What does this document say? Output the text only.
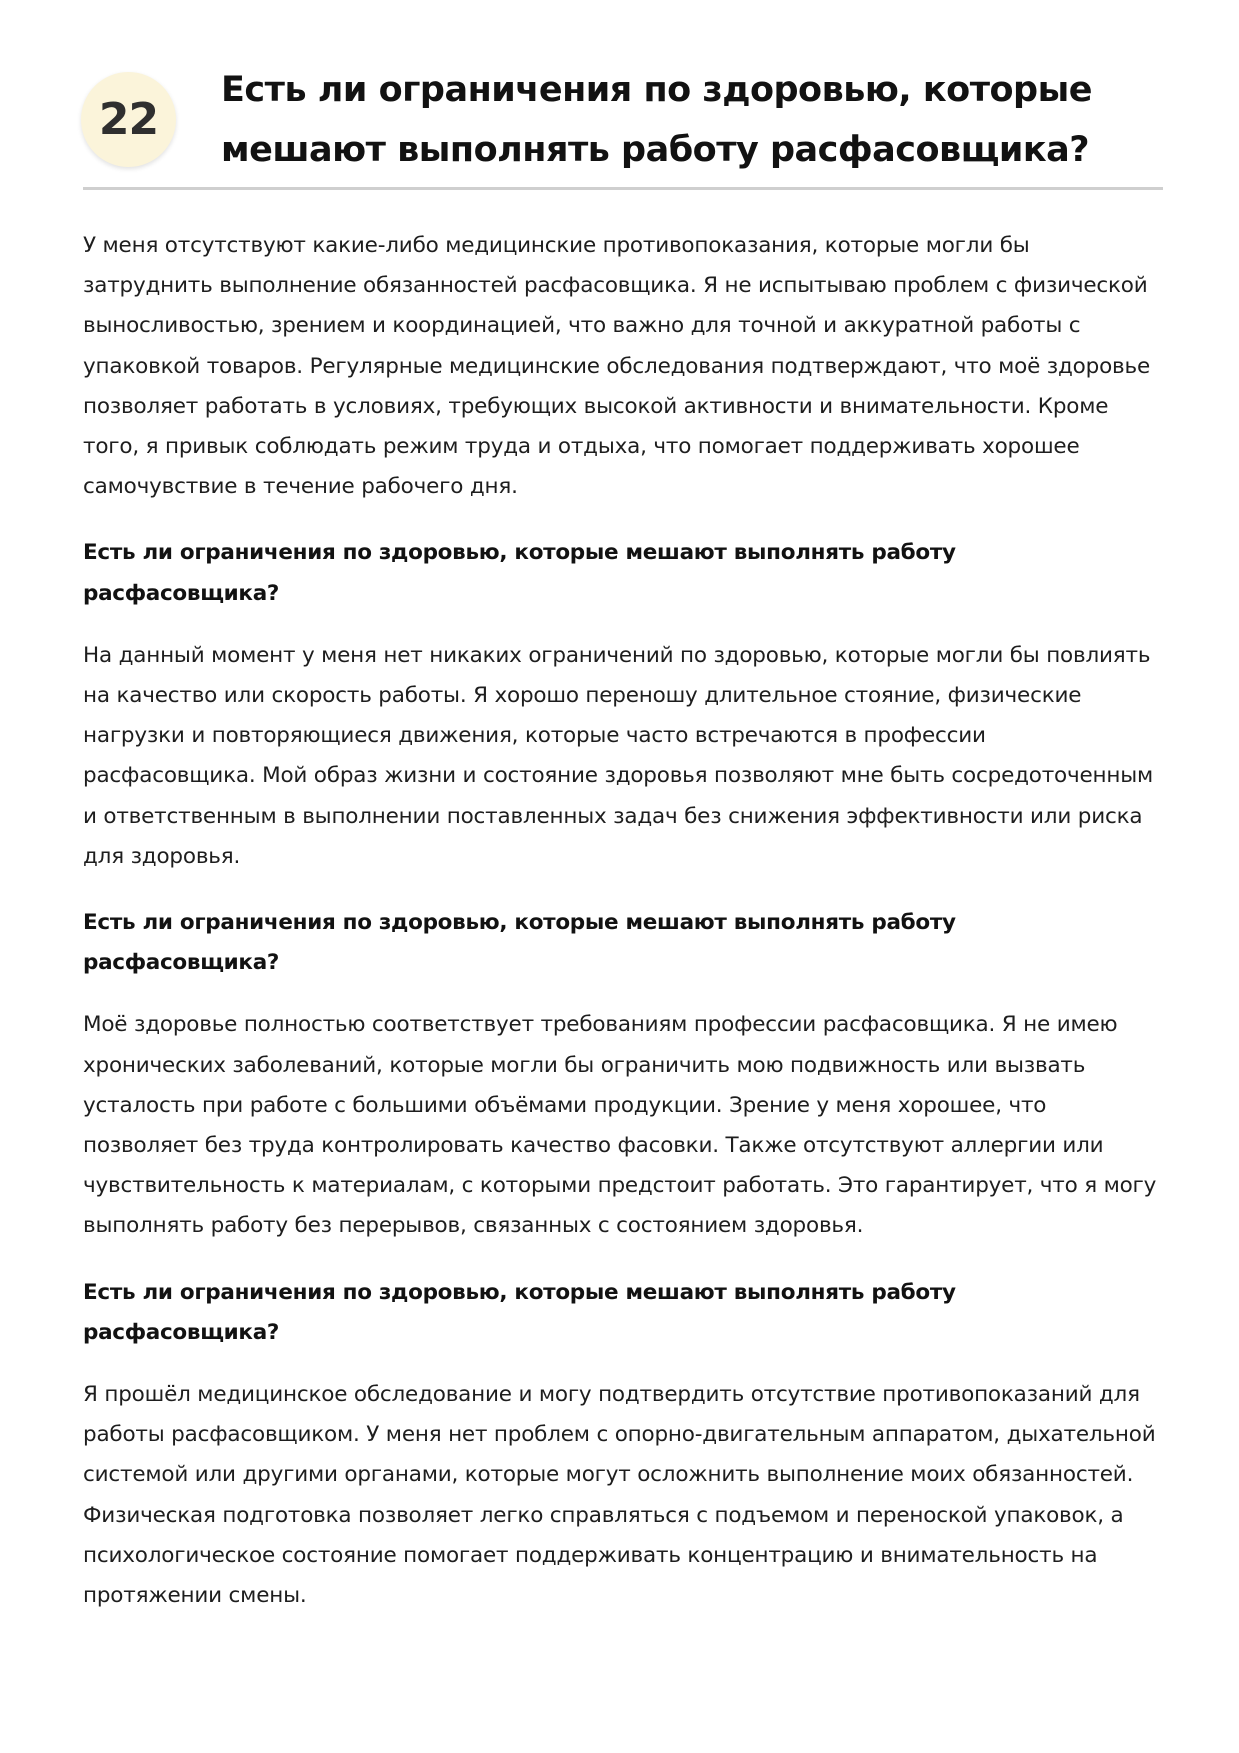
22
Есть ли ограничения по здоровью, которые мешают выполнять работу расфасовщика?

У меня отсутствуют какие-либо медицинские противопоказания, которые могли бы затруднить выполнение обязанностей расфасовщика. Я не испытываю проблем с физической выносливостью, зрением и координацией, что важно для точной и аккуратной работы с упаковкой товаров. Регулярные медицинские обследования подтверждают, что моё здоровье позволяет работать в условиях, требующих высокой активности и внимательности. Кроме того, я привык соблюдать режим труда и отдыха, что помогает поддерживать хорошее самочувствие в течение рабочего дня.

Есть ли ограничения по здоровью, которые мешают выполнять работу расфасовщика?

На данный момент у меня нет никаких ограничений по здоровью, которые могли бы повлиять на качество или скорость работы. Я хорошо переношу длительное стояние, физические нагрузки и повторяющиеся движения, которые часто встречаются в профессии расфасовщика. Мой образ жизни и состояние здоровья позволяют мне быть сосредоточенным и ответственным в выполнении поставленных задач без снижения эффективности или риска для здоровья.

Есть ли ограничения по здоровью, которые мешают выполнять работу расфасовщика?

Моё здоровье полностью соответствует требованиям профессии расфасовщика. Я не имею хронических заболеваний, которые могли бы ограничить мою подвижность или вызвать усталость при работе с большими объёмами продукции. Зрение у меня хорошее, что позволяет без труда контролировать качество фасовки. Также отсутствуют аллергии или чувствительность к материалам, с которыми предстоит работать. Это гарантирует, что я могу выполнять работу без перерывов, связанных с состоянием здоровья.

Есть ли ограничения по здоровью, которые мешают выполнять работу расфасовщика?

Я прошёл медицинское обследование и могу подтвердить отсутствие противопоказаний для работы расфасовщиком. У меня нет проблем с опорно-двигательным аппаратом, дыхательной системой или другими органами, которые могут осложнить выполнение моих обязанностей. Физическая подготовка позволяет легко справляться с подъемом и переноской упаковок, а психологическое состояние помогает поддерживать концентрацию и внимательность на протяжении смены.
